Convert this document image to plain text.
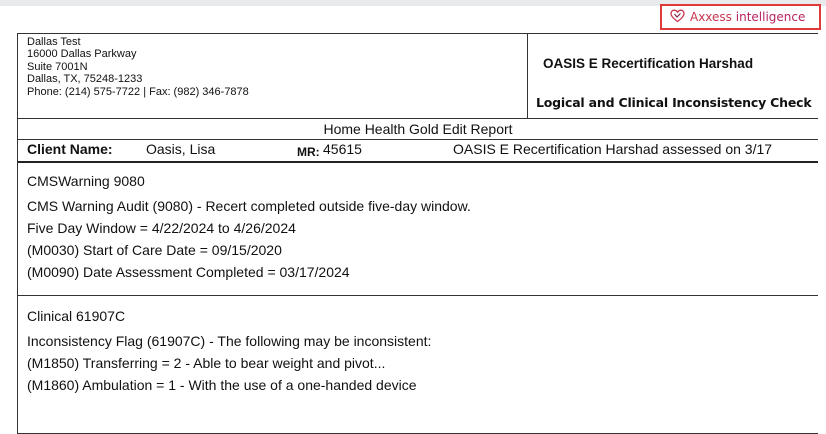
Axxess intelligence
Dallas Test
16000 Dallas Parkway
Suite 7001N
Dallas, TX, 75248-1233
Phone: (214) 575-7722 | Fax: (982) 346-7878
OASIS E Recertification Harshad
Logical and Clinical Inconsistency Check
Home Health Gold Edit Report
Client Name: Oasis, Lisa	MR: 45615	OASIS E Recertification Harshad assessed on 3/17
CMSWarning 9080
CMS Warning Audit (9080) - Recert completed outside five-day window.
Five Day Window = 4/22/2024 to 4/26/2024
(M0030) Start of Care Date = 09/15/2020
(M0090) Date Assessment Completed = 03/17/2024
Clinical 61907C
Inconsistency Flag (61907C) - The following may be inconsistent:
(M1850) Transferring = 2 - Able to bear weight and pivot...
(M1860) Ambulation = 1 - With the use of a one-handed device
